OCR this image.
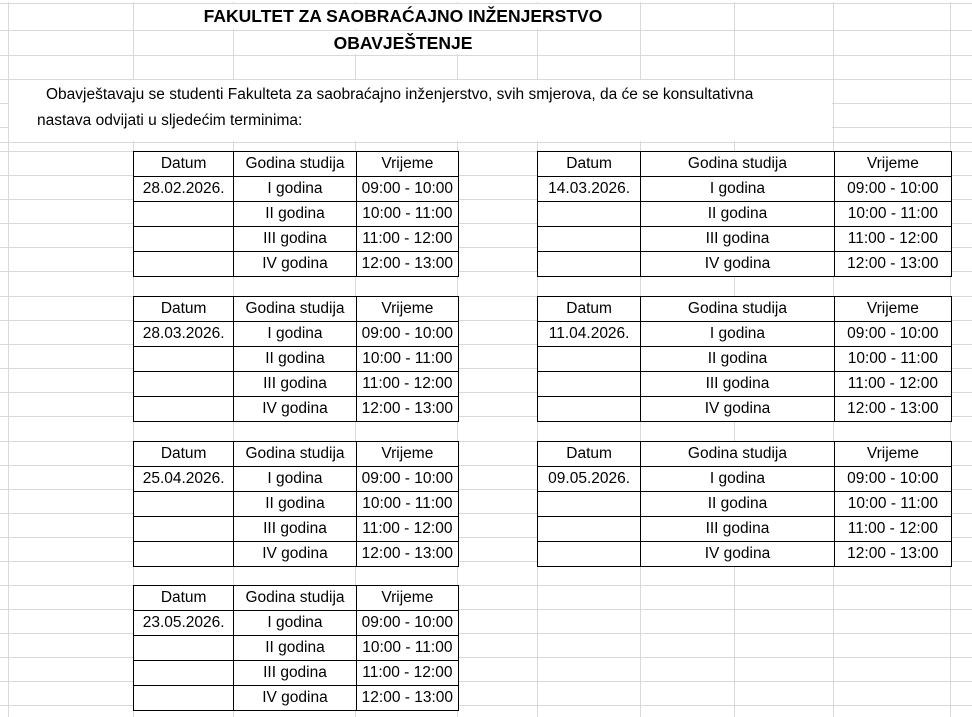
FAKULTET ZA SAOBRAĆAJNO INŽENJERSTVO
OBAVJEŠTENJE
Obavještavaju se studenti Fakulteta za saobraćajno inženjerstvo, svih smjerova, da će se konsultativna
nastava odvijati u sljedećim terminima:
Datum	Godina studija	Vrijeme
28.02.2026.	I godina	09:00 - 10:00
	II godina	10:00 - 11:00
	III godina	11:00 - 12:00
	IV godina	12:00 - 13:00
Datum	Godina studija	Vrijeme
14.03.2026.	I godina	09:00 - 10:00
	II godina	10:00 - 11:00
	III godina	11:00 - 12:00
	IV godina	12:00 - 13:00
Datum	Godina studija	Vrijeme
28.03.2026.	I godina	09:00 - 10:00
	II godina	10:00 - 11:00
	III godina	11:00 - 12:00
	IV godina	12:00 - 13:00
Datum	Godina studija	Vrijeme
11.04.2026.	I godina	09:00 - 10:00
	II godina	10:00 - 11:00
	III godina	11:00 - 12:00
	IV godina	12:00 - 13:00
Datum	Godina studija	Vrijeme
25.04.2026.	I godina	09:00 - 10:00
	II godina	10:00 - 11:00
	III godina	11:00 - 12:00
	IV godina	12:00 - 13:00
Datum	Godina studija	Vrijeme
09.05.2026.	I godina	09:00 - 10:00
	II godina	10:00 - 11:00
	III godina	11:00 - 12:00
	IV godina	12:00 - 13:00
Datum	Godina studija	Vrijeme
23.05.2026.	I godina	09:00 - 10:00
	II godina	10:00 - 11:00
	III godina	11:00 - 12:00
	IV godina	12:00 - 13:00
